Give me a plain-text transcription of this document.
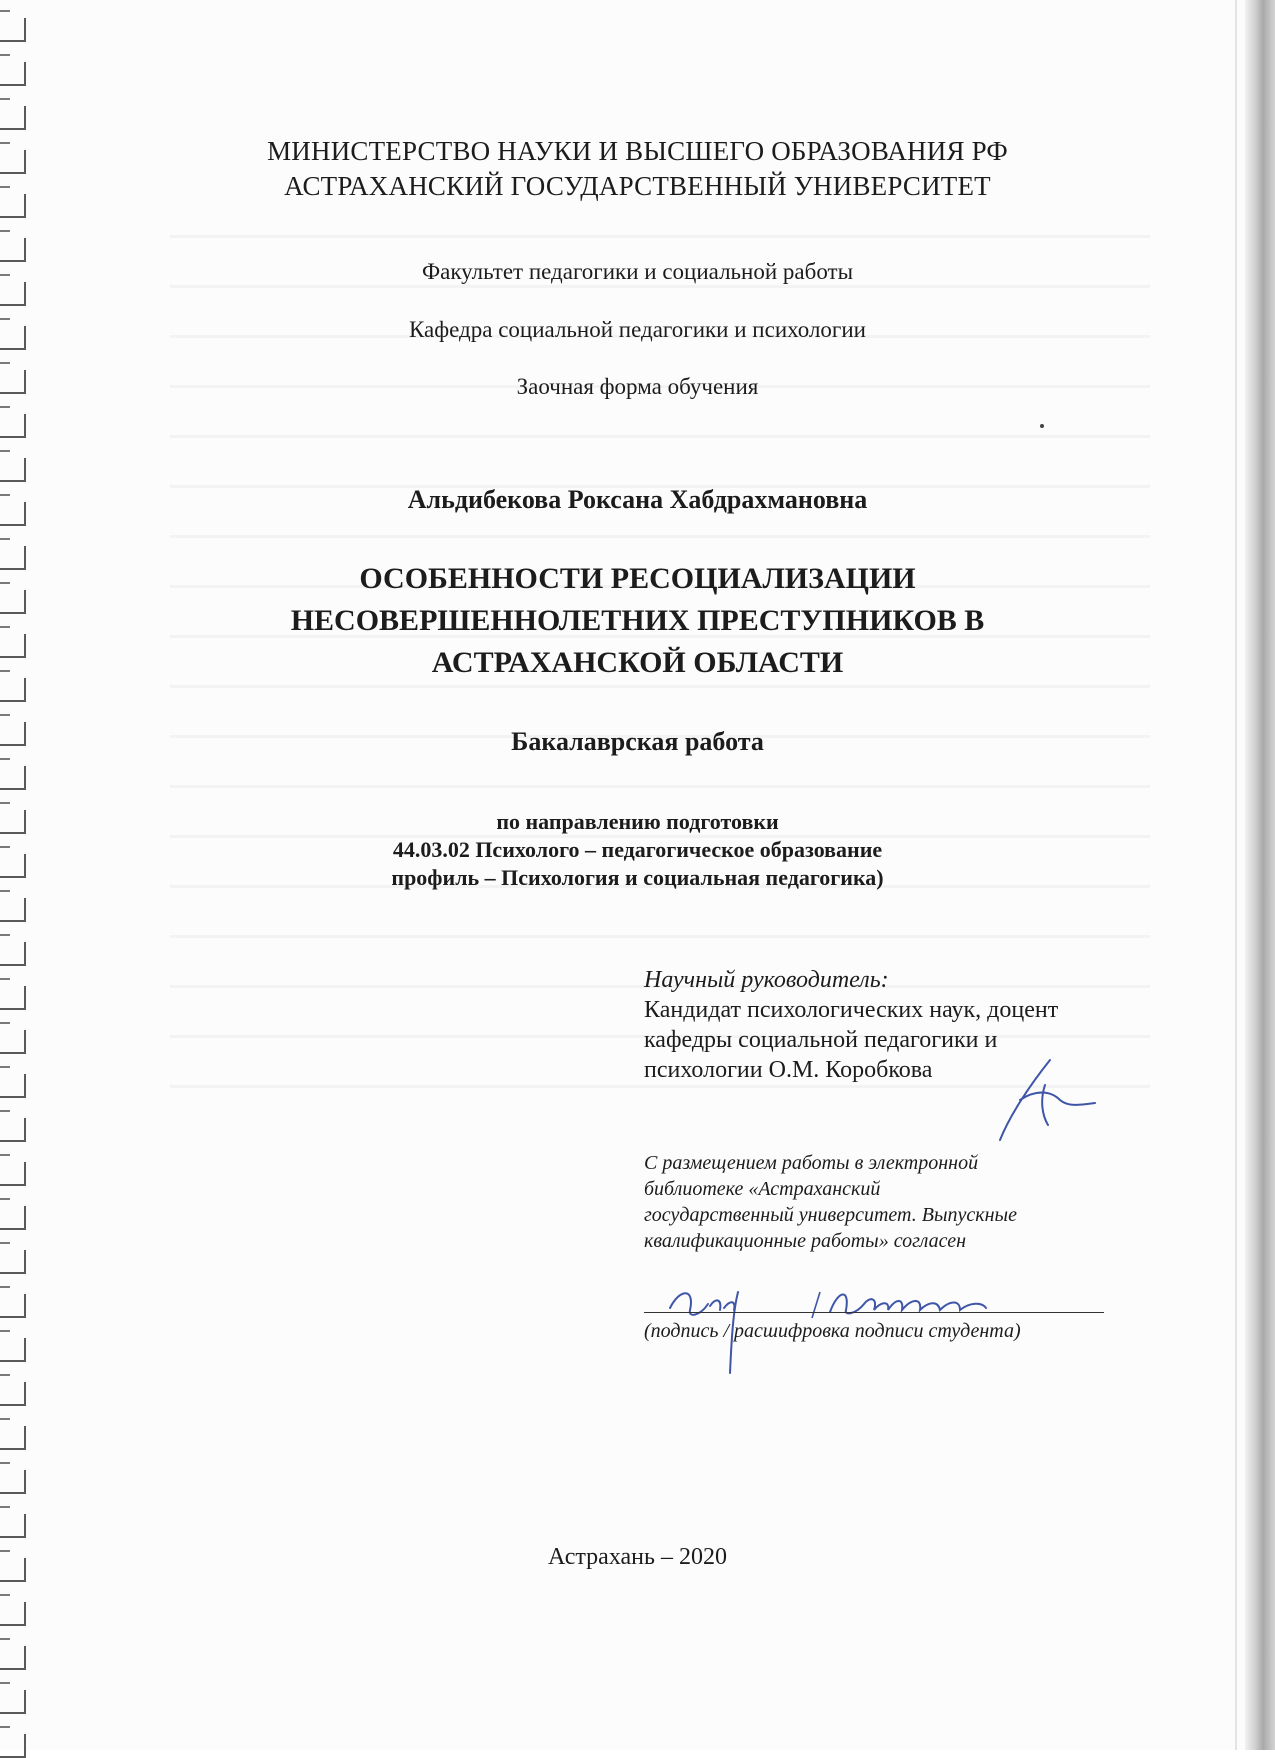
МИНИСТЕРСТВО НАУКИ И ВЫСШЕГО ОБРАЗОВАНИЯ РФ
АСТРАХАНСКИЙ ГОСУДАРСТВЕННЫЙ УНИВЕРСИТЕТ
Факультет педагогики и социальной работы
Кафедра социальной педагогики и психологии
Заочная форма обучения
Альдибекова Роксана Хабдрахмановна
ОСОБЕННОСТИ РЕСОЦИАЛИЗАЦИИ
НЕСОВЕРШЕННОЛЕТНИХ ПРЕСТУПНИКОВ В
АСТРАХАНСКОЙ ОБЛАСТИ
Бакалаврская работа
по направлению подготовки
44.03.02 Психолого – педагогическое образование
профиль – Психология и социальная педагогика)
Научный руководитель:
Кандидат психологических наук, доцент
кафедры социальной педагогики и
психологии О.М. Коробкова
С размещением работы в электронной
библиотеке «Астраханский
государственный университет. Выпускные
квалификационные работы» согласен
(подпись / расшифровка подписи студента)
Астрахань – 2020
